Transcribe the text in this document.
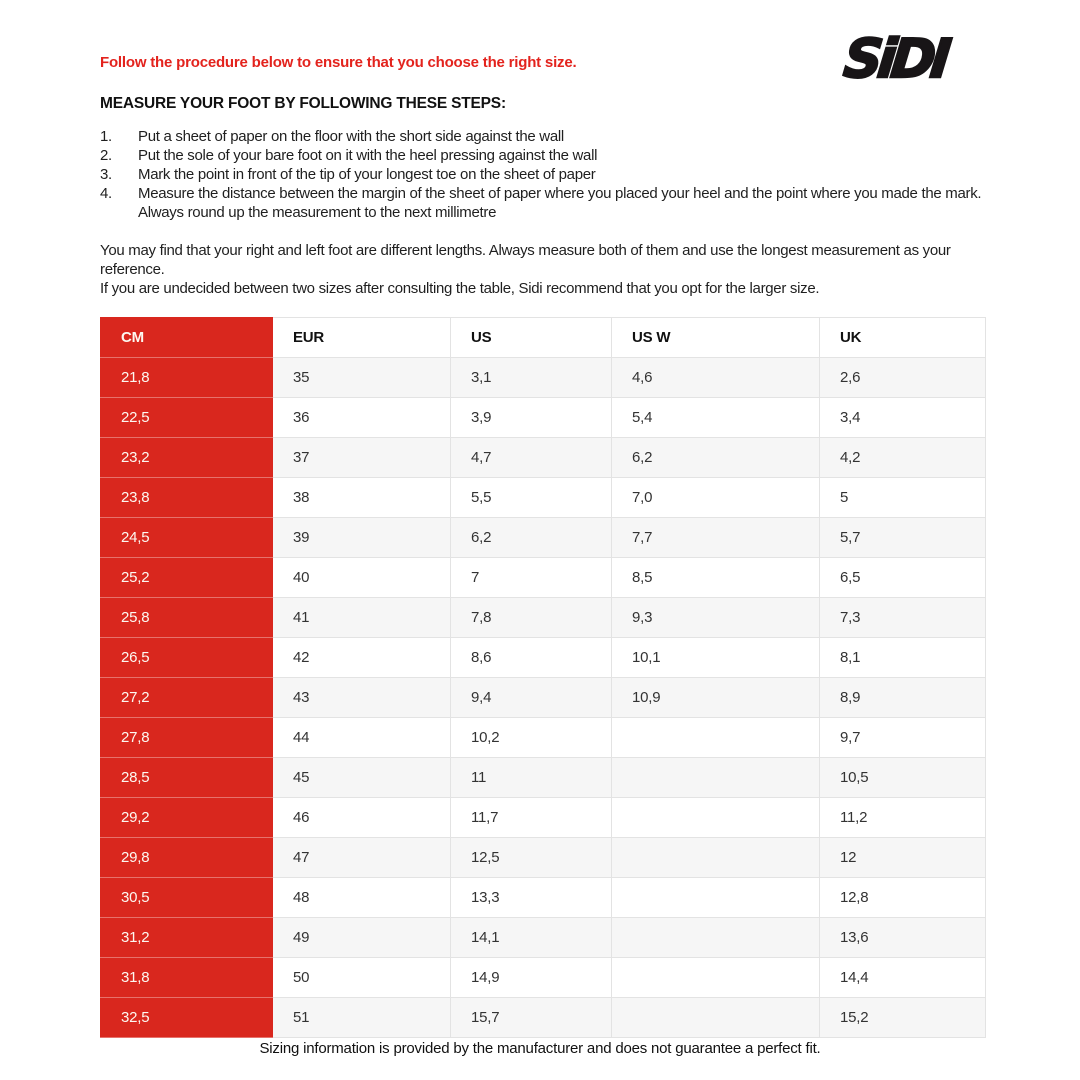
SiDI
Follow the procedure below to ensure that you choose the right size.
MEASURE YOUR FOOT BY FOLLOWING THESE STEPS:
1.	Put a sheet of paper on the floor with the short side against the wall
2.	Put the sole of your bare foot on it with the heel pressing against the wall
3.	Mark the point in front of the tip of your longest toe on the sheet of paper
4.	Measure the distance between the margin of the sheet of paper where you placed your heel and the point where you made the mark. Always round up the measurement to the next millimetre
You may find that your right and left foot are different lengths. Always measure both of them and use the longest measurement as your reference.
If you are undecided between two sizes after consulting the table, Sidi recommend that you opt for the larger size.
CM	EUR	US	US W	UK
21,8	35	3,1	4,6	2,6
22,5	36	3,9	5,4	3,4
23,2	37	4,7	6,2	4,2
23,8	38	5,5	7,0	5
24,5	39	6,2	7,7	5,7
25,2	40	7	8,5	6,5
25,8	41	7,8	9,3	7,3
26,5	42	8,6	10,1	8,1
27,2	43	9,4	10,9	8,9
27,8	44	10,2		9,7
28,5	45	11		10,5
29,2	46	11,7		11,2
29,8	47	12,5		12
30,5	48	13,3		12,8
31,2	49	14,1		13,6
31,8	50	14,9		14,4
32,5	51	15,7		15,2
Sizing information is provided by the manufacturer and does not guarantee a perfect fit.
